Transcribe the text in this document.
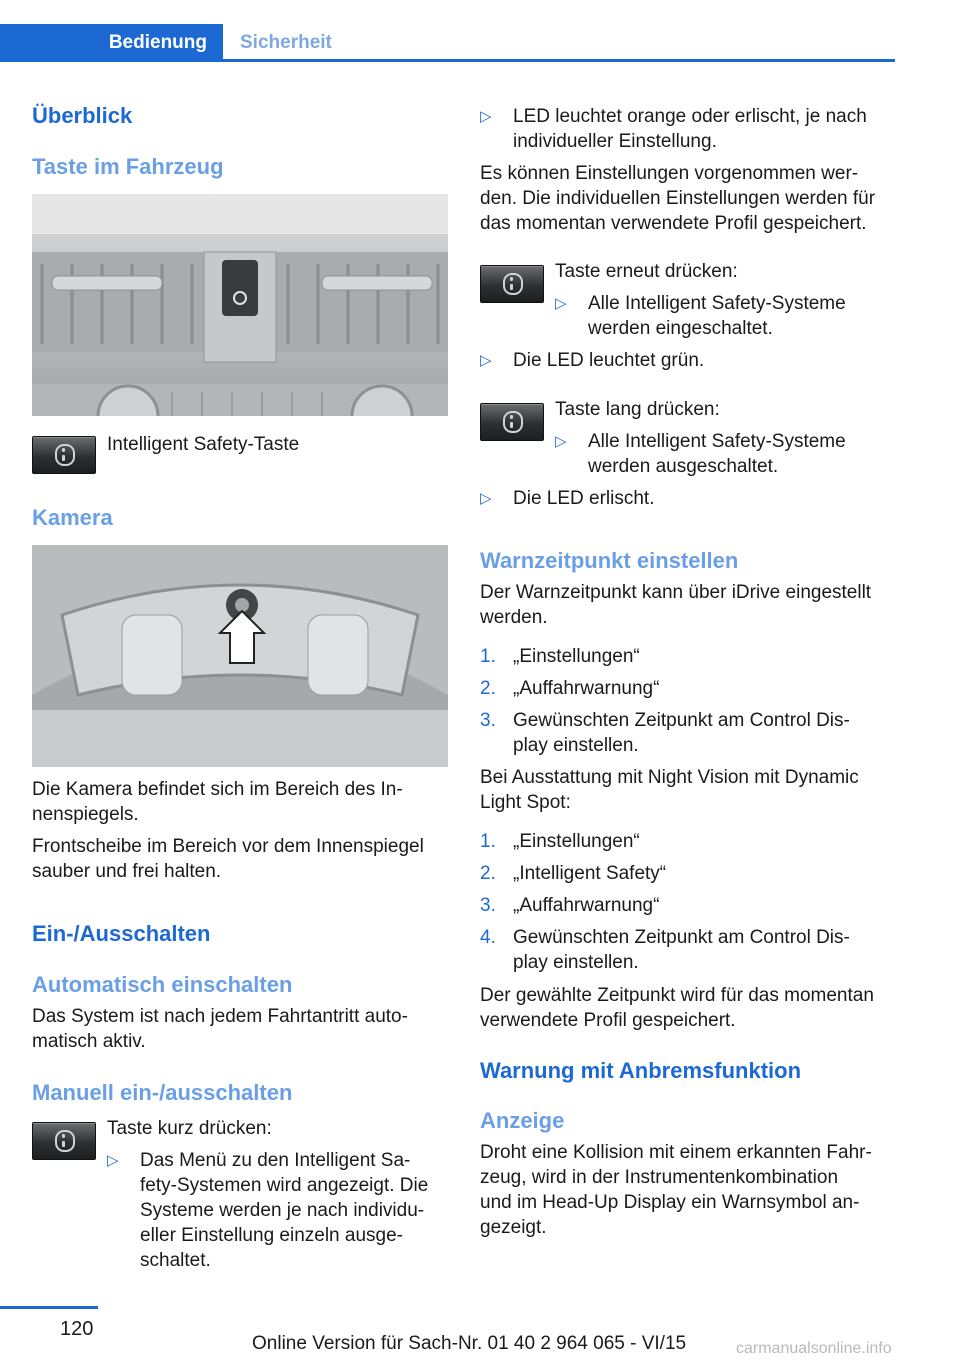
Bedienung	Sicherheit
Überblick
Taste im Fahrzeug
Intelligent Safety-Taste
Kamera
Die Kamera befindet sich im Bereich des In-
nenspiegels.
Frontscheibe im Bereich vor dem Innenspiegel
sauber und frei halten.
Ein-/Ausschalten
Automatisch einschalten
Das System ist nach jedem Fahrtantritt auto-
matisch aktiv.
Manuell ein-/ausschalten
Taste kurz drücken:
▷ Das Menü zu den Intelligent Sa-
fety-Systemen wird angezeigt. Die
Systeme werden je nach individu-
eller Einstellung einzeln ausge-
schaltet.
▷ LED leuchtet orange oder erlischt, je nach
individueller Einstellung.
Es können Einstellungen vorgenommen wer-
den. Die individuellen Einstellungen werden für
das momentan verwendete Profil gespeichert.
Taste erneut drücken:
▷ Alle Intelligent Safety-Systeme
werden eingeschaltet.
▷ Die LED leuchtet grün.
Taste lang drücken:
▷ Alle Intelligent Safety-Systeme
werden ausgeschaltet.
▷ Die LED erlischt.
Warnzeitpunkt einstellen
Der Warnzeitpunkt kann über iDrive eingestellt
werden.
1. „Einstellungen“
2. „Auffahrwarnung“
3. Gewünschten Zeitpunkt am Control Dis-
play einstellen.
Bei Ausstattung mit Night Vision mit Dynamic
Light Spot:
1. „Einstellungen“
2. „Intelligent Safety“
3. „Auffahrwarnung“
4. Gewünschten Zeitpunkt am Control Dis-
play einstellen.
Der gewählte Zeitpunkt wird für das momentan
verwendete Profil gespeichert.
Warnung mit Anbremsfunktion
Anzeige
Droht eine Kollision mit einem erkannten Fahr-
zeug, wird in der Instrumentenkombination
und im Head-Up Display ein Warnsymbol an-
gezeigt.
120
Online Version für Sach-Nr. 01 40 2 964 065 - VI/15	carmanualsonline.info
